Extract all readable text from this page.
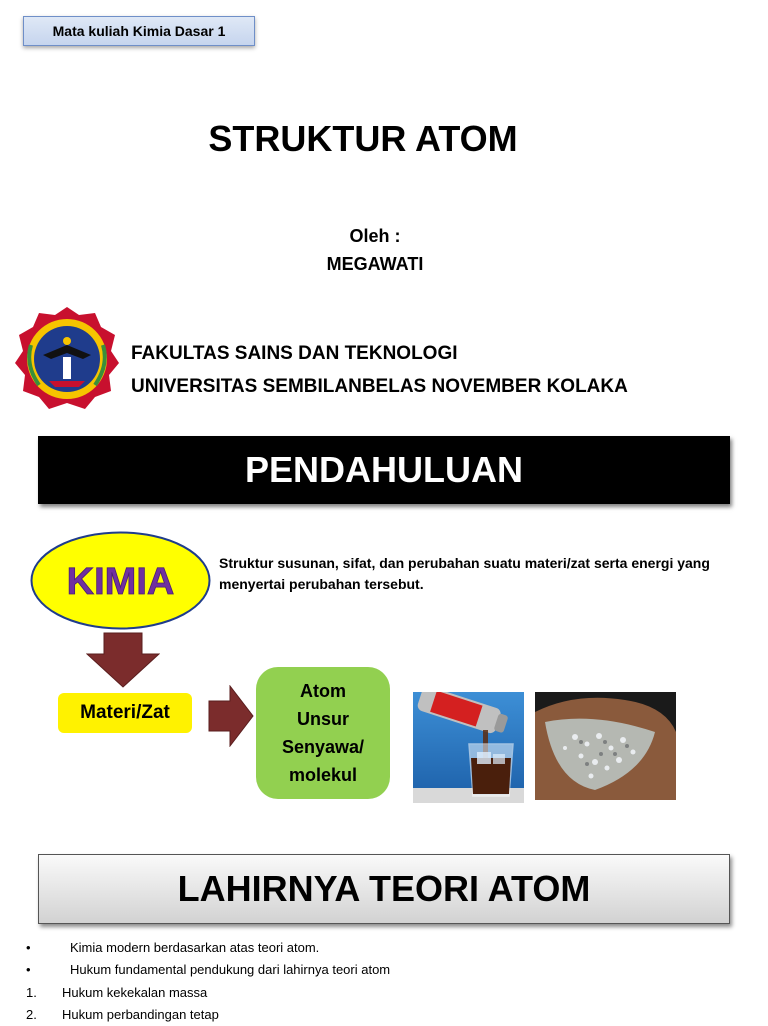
Mata kuliah Kimia Dasar 1
STRUKTUR ATOM
Oleh :
MEGAWATI
FAKULTAS SAINS DAN TEKNOLOGI
UNIVERSITAS SEMBILANBELAS NOVEMBER KOLAKA
PENDAHULUAN
KIMIA	Struktur susunan, sifat, dan perubahan suatu materi/zat serta energi yang menyertai perubahan tersebut.
Materi/Zat
Atom
Unsur
Senyawa/
molekul
LAHIRNYA TEORI ATOM
•	Kimia modern berdasarkan atas teori atom.
•	Hukum fundamental pendukung dari lahirnya teori atom
1.	Hukum kekekalan massa
2.	Hukum perbandingan tetap
